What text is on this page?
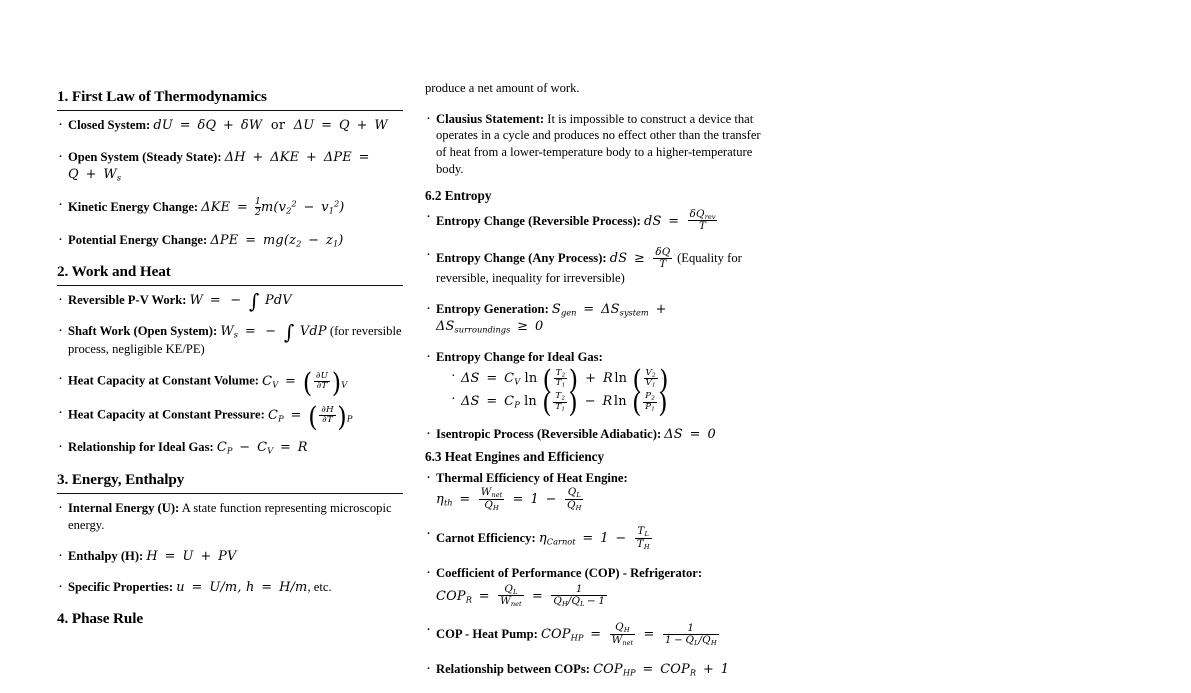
1. First Law of Thermodynamics
· Closed System: dU = δQ + δW  or  ΔU = Q + W
· Open System (Steady State): $\Delta H + \Delta KE + \Delta PE = Q + W_s$
· Kinetic Energy Change: $\Delta KE = \frac{1}{2} m(v_2^2 - v_1^2)$
· Potential Energy Change: $\Delta PE = mg(z_2 - z_1)$
2. Work and Heat
· Reversible P-V Work: W = − ∫ PdV
· Shaft Work (Open System): $W_s$ = − ∫ VdP (for reversible process, negligible KE/PE)
· Heat Capacity at Constant Volume: $C_V$ = ( $\frac{\partial U}{\partial T} )_V$
· Heat Capacity at Constant Pressure: $C_P$ = ( $\frac{\partial H}{\partial T} )_P$
· Relationship for Ideal Gas: $C_P - C_V = R$
3. Energy, Enthalpy
· Internal Energy (U): A state function representing microscopic energy.
· Enthalpy (H): H = U + PV
· Specific Properties: u = U/m, h = H/m, etc.
4. Phase Rule

produce a net amount of work.

· Clausius Statement: It is impossible to construct a device that operates in a cycle and produces no effect other than the transfer of heat from a lower-temperature body to a higher-temperature body.
6.2 Entropy
· Entropy Change (Reversible Process): dS = $\frac{\delta Q_{rev}}{T}$
· Entropy Change (Any Process): dS ≥ $\frac{\delta Q}{T}$ (Equality for reversible, inequality for irreversible)
· Entropy Generation: $S_{gen} = \Delta S_{system} + \Delta S_{surroundings} \ge 0$
· Entropy Change for Ideal Gas:
· $\Delta S = C_V$ ln ( $\frac{T_2}{T_1}$ ) + R ln ( $\frac{V_2}{V_1}$ )
· $\Delta S = C_P$ ln ( $\frac{T_2}{T_1}$ ) − R ln ( $\frac{P_2}{P_1}$ )
· Isentropic Process (Reversible Adiabatic): ΔS = 0
6.3 Heat Engines and Efficiency
· Thermal Efficiency of Heat Engine: $\eta_{th} = \frac{W_{net}}{Q_H} = 1 - \frac{Q_L}{Q_H}$
· Carnot Efficiency: $\eta_{Carnot} = 1 - \frac{T_L}{T_H}$
· Coefficient of Performance (COP) - Refrigerator:
$COP_R = \frac{Q_L}{W_{net}} = \frac{1}{Q_H/Q_L - 1}$
· COP - Heat Pump: $COP_{HP} = \frac{Q_H}{W_{net}} = \frac{1}{1 - Q_L/Q_H}$
· Relationship between COPs: $COP_{HP} = COP_R + 1$
